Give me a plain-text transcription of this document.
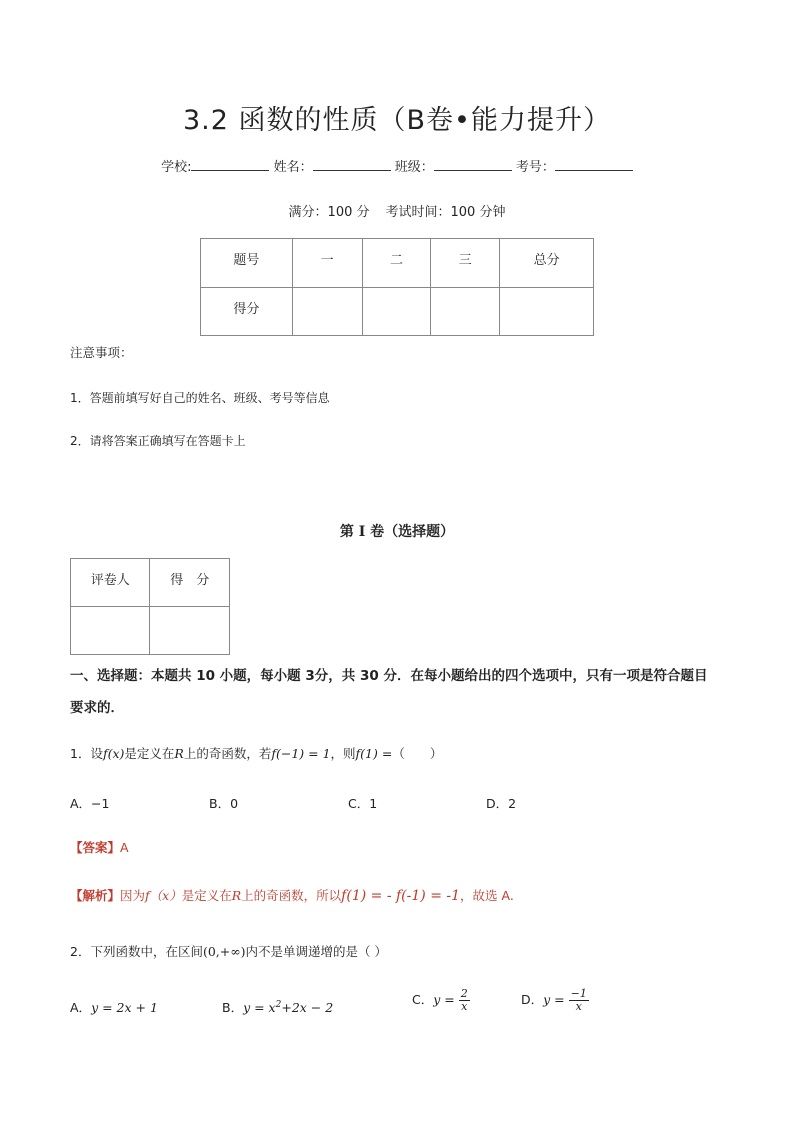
3.2 函数的性质（B卷•能力提升）
学校:	姓名：	班级：	考号：
满分：100 分 考试时间：100 分钟
题号	一	二	三	总分
得分				
注意事项：
1．答题前填写好自己的姓名、班级、考号等信息
2．请将答案正确填写在答题卡上
第 I 卷（选择题）
评卷人	得　分

一、选择题：本题共 10 小题，每小题 3分，共 30 分．在每小题给出的四个选项中，只有一项是符合题目
要求的．
1．设f(x)是定义在R上的奇函数，若f(−1) = 1，则f(1) =（　　）
A．−1	B．0	C．1	D．2
【答案】A
【解析】因为f（x）是定义在R上的奇函数，所以f(1) = - f(-1) = -1，故选 A.
2．下列函数中，在区间(0,+∞)内不是单调递增的是（ ）
A．y = 2x + 1	B．$y = x^2+2x - 2$
C．$y = \frac{2}{x}$	D．$y = \frac{-1}{x}$
